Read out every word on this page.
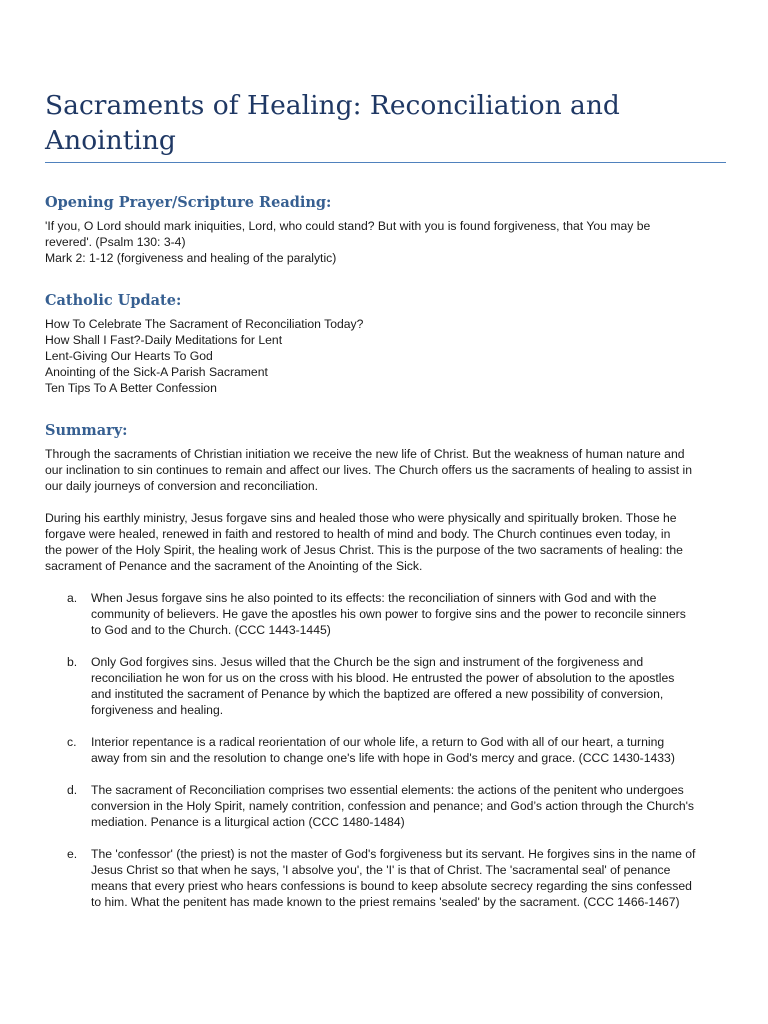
Sacraments of Healing: Reconciliation and Anointing
Opening Prayer/Scripture Reading:
'If you, O Lord should mark iniquities, Lord, who could stand? But with you is found forgiveness, that You may be
revered'. (Psalm 130: 3-4)
Mark 2: 1-12 (forgiveness and healing of the paralytic)
Catholic Update:
How To Celebrate The Sacrament of Reconciliation Today?
How Shall I Fast?-Daily Meditations for Lent
Lent-Giving Our Hearts To God
Anointing of the Sick-A Parish Sacrament
Ten Tips To A Better Confession
Summary:
Through the sacraments of Christian initiation we receive the new life of Christ. But the weakness of human nature and
our inclination to sin continues to remain and affect our lives. The Church offers us the sacraments of healing to assist in
our daily journeys of conversion and reconciliation.
During his earthly ministry, Jesus forgave sins and healed those who were physically and spiritually broken. Those he
forgave were healed, renewed in faith and restored to health of mind and body. The Church continues even today, in
the power of the Holy Spirit, the healing work of Jesus Christ. This is the purpose of the two sacraments of healing: the
sacrament of Penance and the sacrament of the Anointing of the Sick.
a. When Jesus forgave sins he also pointed to its effects: the reconciliation of sinners with God and with the
community of believers. He gave the apostles his own power to forgive sins and the power to reconcile sinners
to God and to the Church. (CCC 1443-1445)
b. Only God forgives sins. Jesus willed that the Church be the sign and instrument of the forgiveness and
reconciliation he won for us on the cross with his blood. He entrusted the power of absolution to the apostles
and instituted the sacrament of Penance by which the baptized are offered a new possibility of conversion,
forgiveness and healing.
c. Interior repentance is a radical reorientation of our whole life, a return to God with all of our heart, a turning
away from sin and the resolution to change one's life with hope in God's mercy and grace. (CCC 1430-1433)
d. The sacrament of Reconciliation comprises two essential elements: the actions of the penitent who undergoes
conversion in the Holy Spirit, namely contrition, confession and penance; and God’s action through the Church's
mediation. Penance is a liturgical action (CCC 1480-1484)
e. The 'confessor' (the priest) is not the master of God's forgiveness but its servant. He forgives sins in the name of
Jesus Christ so that when he says, 'I absolve you', the 'I' is that of Christ. The 'sacramental seal' of penance
means that every priest who hears confessions is bound to keep absolute secrecy regarding the sins confessed
to him. What the penitent has made known to the priest remains 'sealed' by the sacrament. (CCC 1466-1467)
